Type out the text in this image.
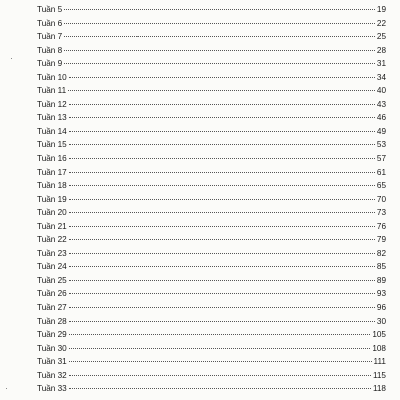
Tuần 5	19
Tuần 6	22
Tuần 7	25
Tuần 8	28
Tuần 9	31
Tuần 10	34
Tuần 11	40
Tuần 12	43
Tuần 13	46
Tuần 14	49
Tuần 15	53
Tuần 16	57
Tuần 17	61
Tuần 18	65
Tuần 19	70
Tuần 20	73
Tuần 21	76
Tuần 22	79
Tuần 23	82
Tuần 24	85
Tuần 25	89
Tuần 26	93
Tuần 27	96
Tuần 28	30
Tuần 29	105
Tuần 30	108
Tuần 31	111
Tuần 32	115
Tuần 33	118
